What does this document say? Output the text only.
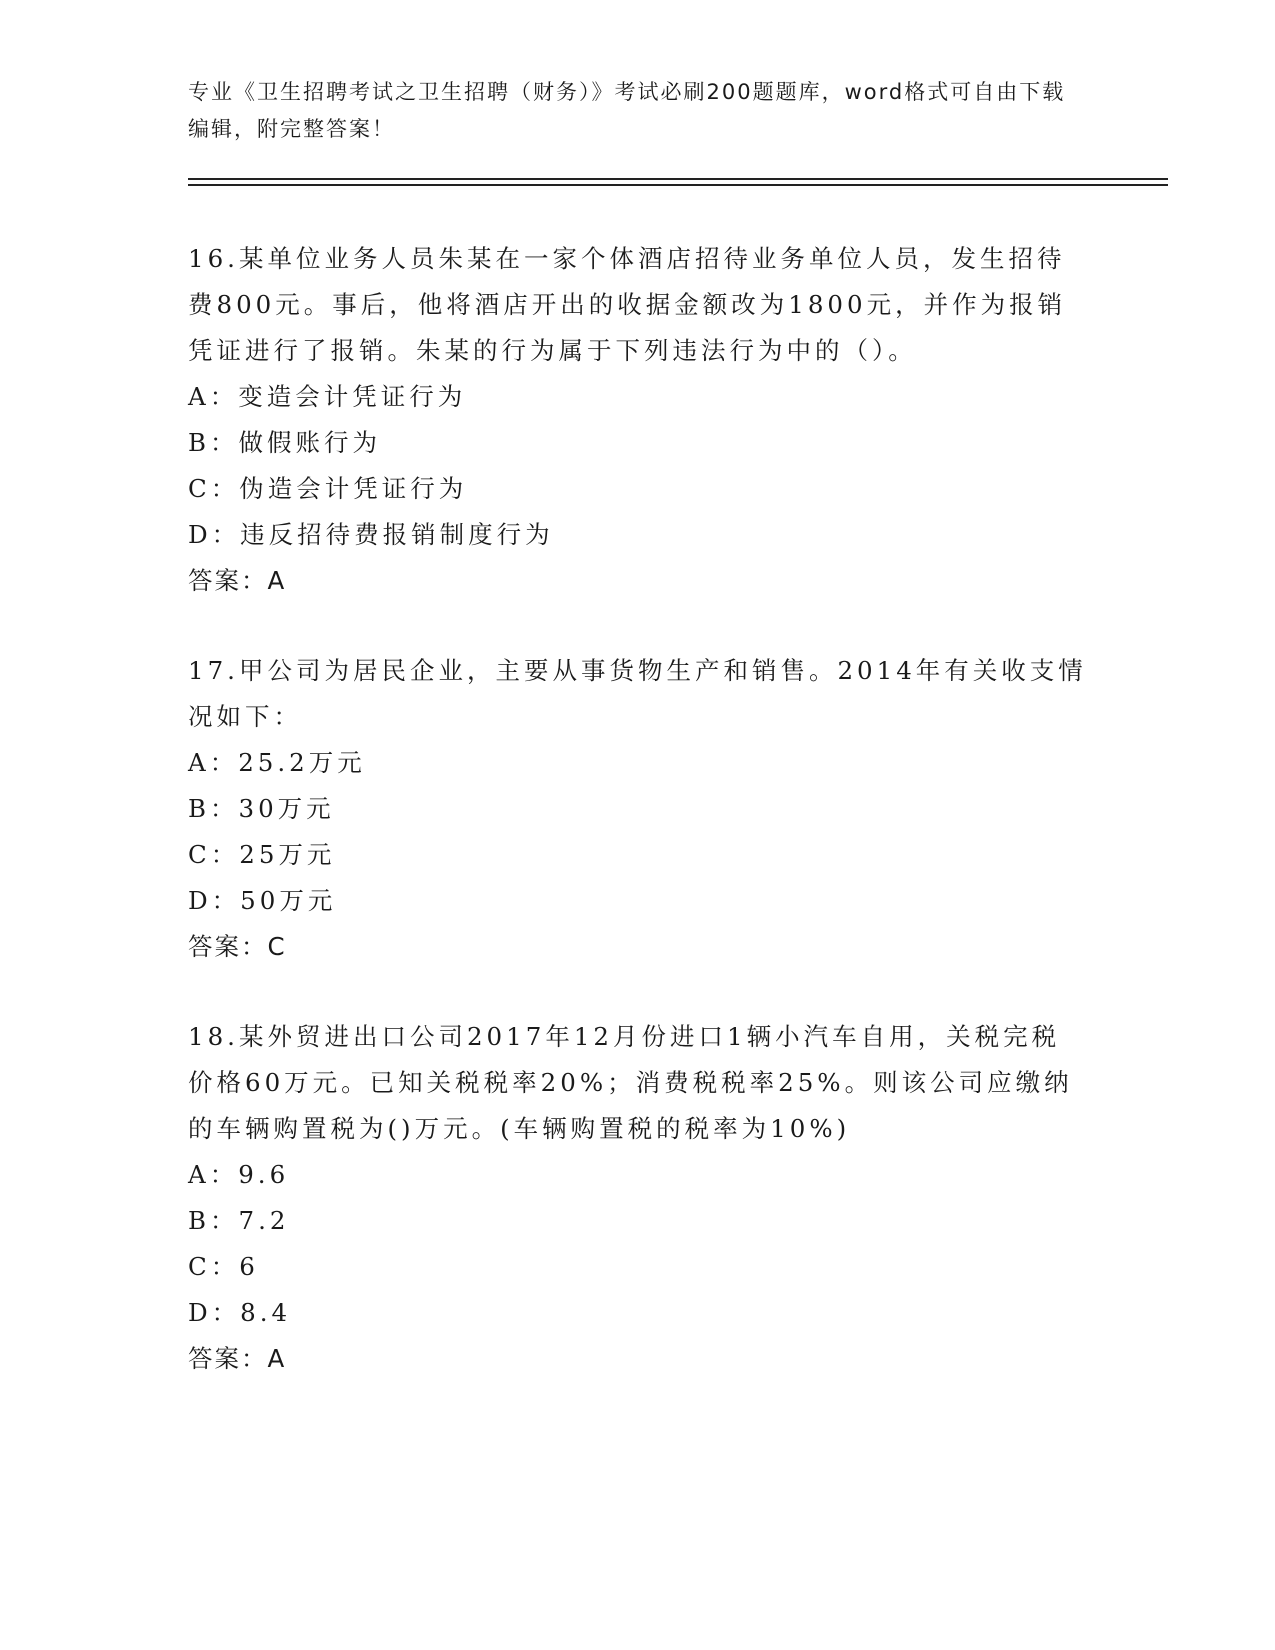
专业《卫生招聘考试之卫生招聘（财务）》考试必刷200题题库，word格式可自由下载编辑，附完整答案！

16.某单位业务人员朱某在一家个体酒店招待业务单位人员，发生招待费800元。事后，他将酒店开出的收据金额改为1800元，并作为报销凭证进行了报销。朱某的行为属于下列违法行为中的（）。

A：变造会计凭证行为

B：做假账行为

C：伪造会计凭证行为

D：违反招待费报销制度行为

答案：A

17.甲公司为居民企业，主要从事货物生产和销售。2014年有关收支情况如下：

A：25.2万元

B：30万元

C：25万元

D：50万元

答案：C

18.某外贸进出口公司2017年12月份进口1辆小汽车自用，关税完税价格60万元。已知关税税率20%；消费税税率25%。则该公司应缴纳的车辆购置税为()万元。(车辆购置税的税率为10%)

A：9.6

B：7.2

C：6

D：8.4

答案：A
